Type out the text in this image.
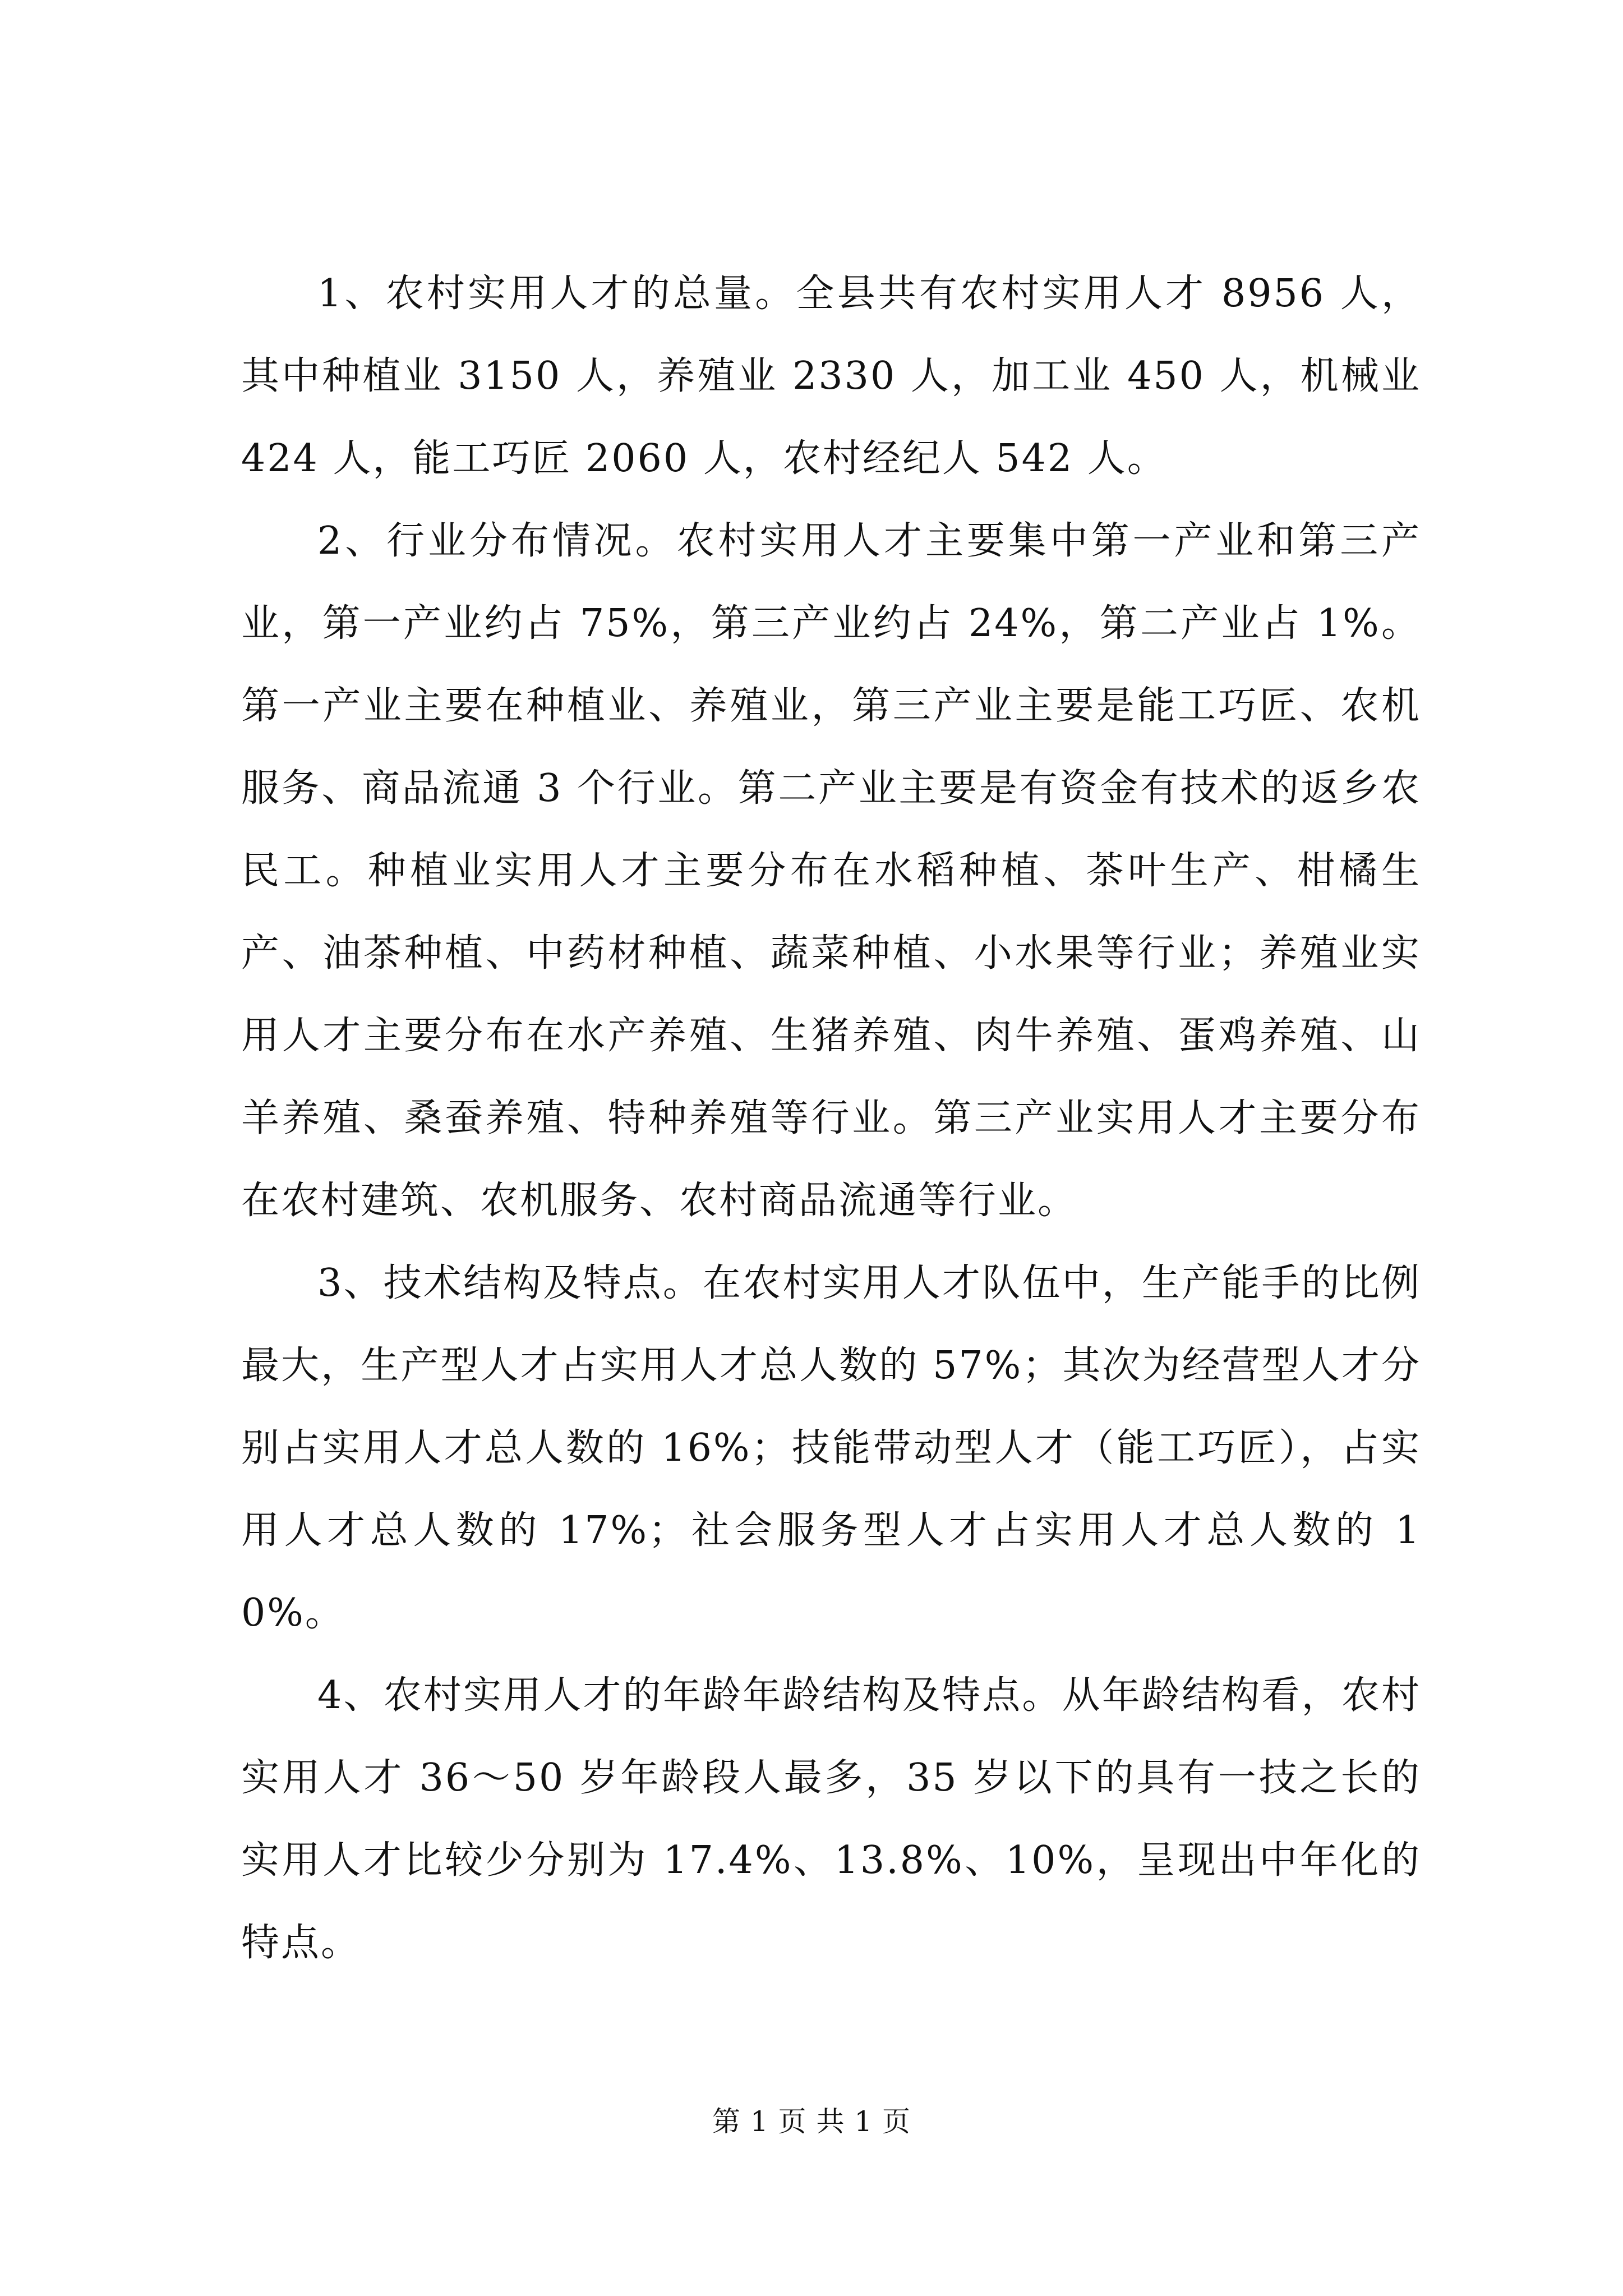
1、农村实用人才的总量。全县共有农村实用人才 8956 人，其中种植业 3150 人，养殖业 2330 人，加工业 450 人，机械业 424 人，能工巧匠 2060 人，农村经纪人 542 人。

2、行业分布情况。农村实用人才主要集中第一产业和第三产业，第一产业约占 75%，第三产业约占 24%，第二产业占 1%。第一产业主要在种植业、养殖业，第三产业主要是能工巧匠、农机服务、商品流通 3 个行业。第二产业主要是有资金有技术的返乡农民工。种植业实用人才主要分布在水稻种植、茶叶生产、柑橘生产、油茶种植、中药材种植、蔬菜种植、小水果等行业；养殖业实用人才主要分布在水产养殖、生猪养殖、肉牛养殖、蛋鸡养殖、山羊养殖、桑蚕养殖、特种养殖等行业。第三产业实用人才主要分布在农村建筑、农机服务、农村商品流通等行业。

3、技术结构及特点。在农村实用人才队伍中，生产能手的比例最大，生产型人才占实用人才总人数的 57%；其次为经营型人才分别占实用人才总人数的 16%；技能带动型人才（能工巧匠），占实用人才总人数的 17%；社会服务型人才占实用人才总人数的 10%。

4、农村实用人才的年龄年龄结构及特点。从年龄结构看，农村实用人才 36～50 岁年龄段人最多，35 岁以下的具有一技之长的实用人才比较少分别为 17.4%、13.8%、10%，呈现出中年化的特点。

第 1 页 共 1 页
